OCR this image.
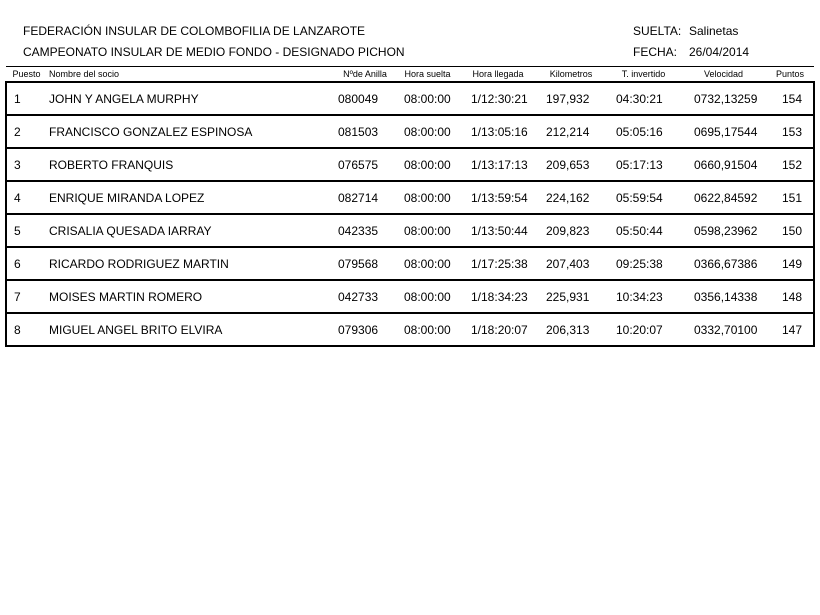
FEDERACIÓN INSULAR DE COLOMBOFILIA DE LANZAROTE
CAMPEONATO INSULAR DE MEDIO FONDO - DESIGNADO PICHON
SUELTA: Salinetas
FECHA: 26/04/2014
Puesto	Nombre del socio	Nºde Anilla	Hora suelta	Hora llegada	Kilometros	T. invertido	Velocidad	Puntos
1	JOHN Y ANGELA MURPHY	080049	08:00:00	1/12:30:21	197,932	04:30:21	0732,13259	154
2	FRANCISCO GONZALEZ ESPINOSA	081503	08:00:00	1/13:05:16	212,214	05:05:16	0695,17544	153
3	ROBERTO FRANQUIS	076575	08:00:00	1/13:17:13	209,653	05:17:13	0660,91504	152
4	ENRIQUE MIRANDA LOPEZ	082714	08:00:00	1/13:59:54	224,162	05:59:54	0622,84592	151
5	CRISALIA QUESADA IARRAY	042335	08:00:00	1/13:50:44	209,823	05:50:44	0598,23962	150
6	RICARDO RODRIGUEZ MARTIN	079568	08:00:00	1/17:25:38	207,403	09:25:38	0366,67386	149
7	MOISES MARTIN ROMERO	042733	08:00:00	1/18:34:23	225,931	10:34:23	0356,14338	148
8	MIGUEL ANGEL BRITO ELVIRA	079306	08:00:00	1/18:20:07	206,313	10:20:07	0332,70100	147
